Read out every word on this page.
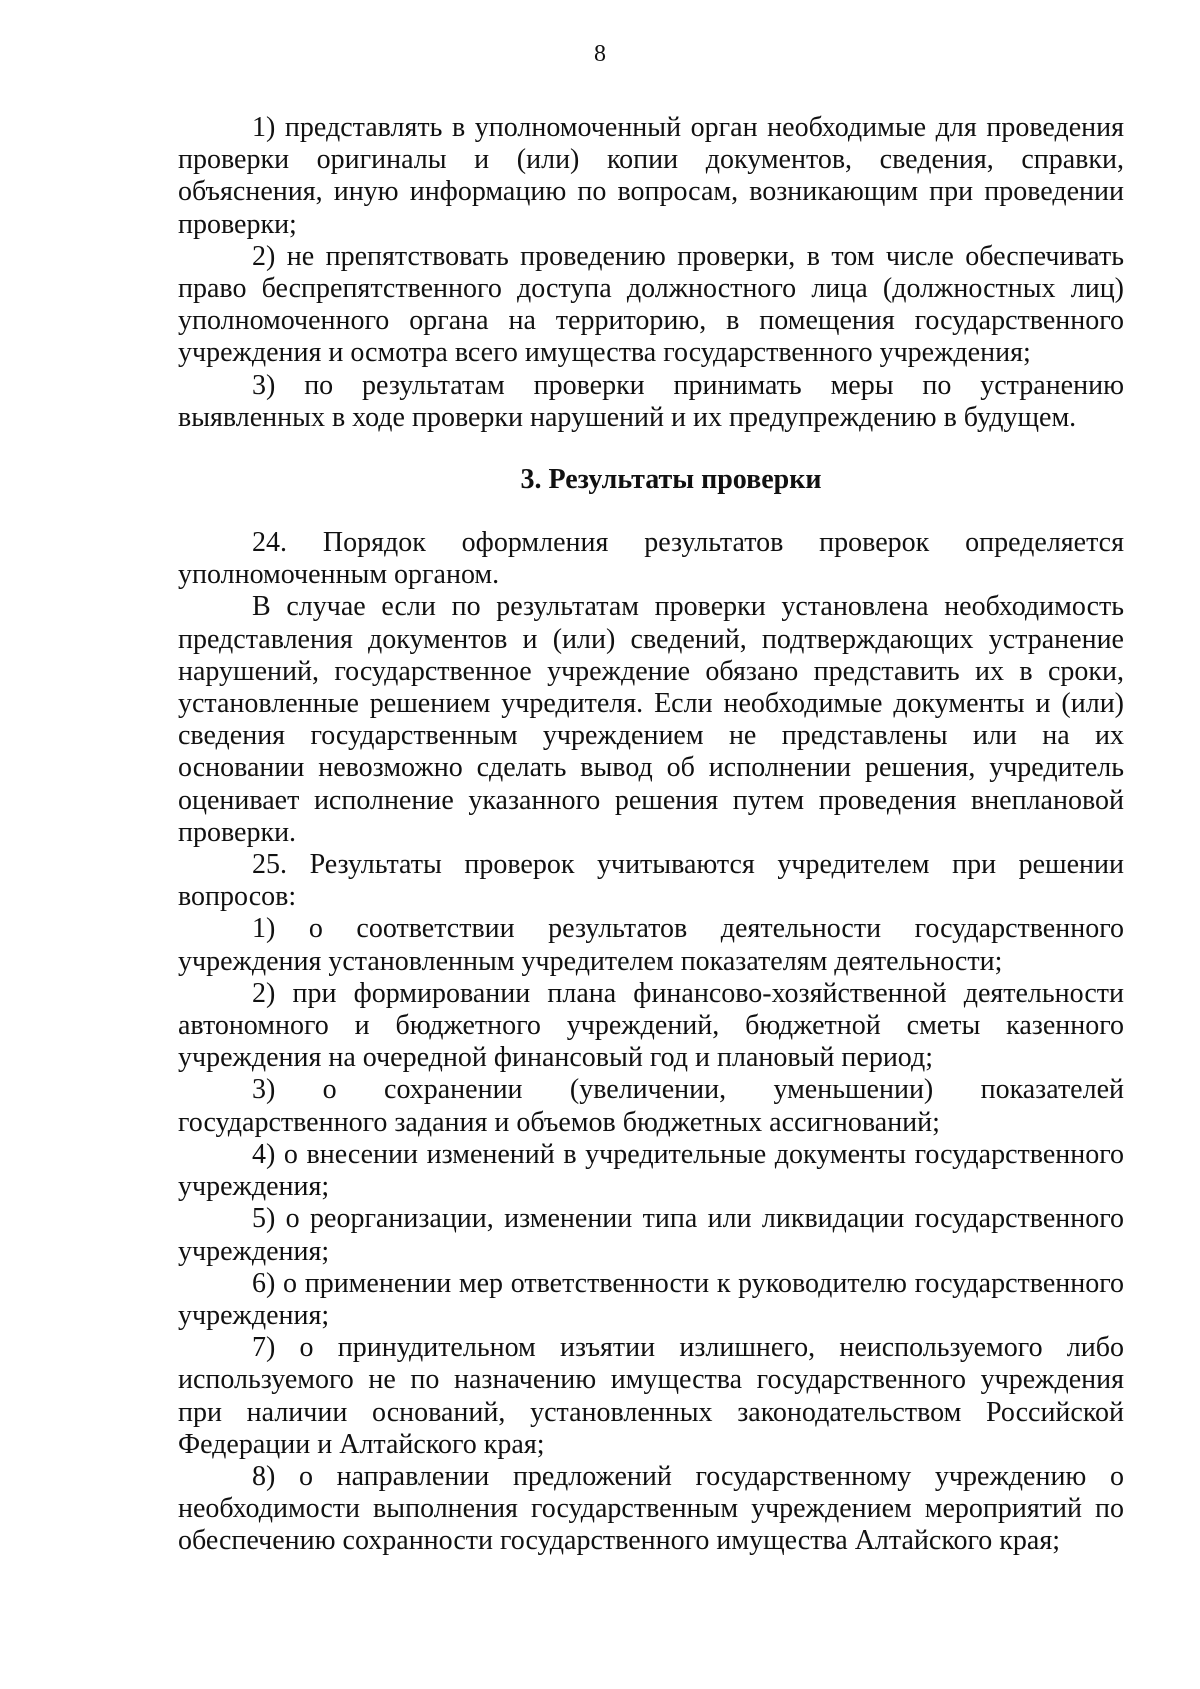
8

1) представлять в уполномоченный орган необходимые для проведения проверки оригиналы и (или) копии документов, сведения, справки, объяснения, иную информацию по вопросам, возникающим при проведении проверки;

2) не препятствовать проведению проверки, в том числе обеспечивать право беспрепятственного доступа должностного лица (должностных лиц) уполномоченного органа на территорию, в помещения государственного учреждения и осмотра всего имущества государственного учреждения;

3) по результатам проверки принимать меры по устранению выявленных в ходе проверки нарушений и их предупреждению в будущем.

3. Результаты проверки

24. Порядок оформления результатов проверок определяется уполномоченным органом.

В случае если по результатам проверки установлена необходимость представления документов и (или) сведений, подтверждающих устранение нарушений, государственное учреждение обязано представить их в сроки, установленные решением учредителя. Если необходимые документы и (или) сведения государственным учреждением не представлены или на их основании невозможно сделать вывод об исполнении решения, учредитель оценивает исполнение указанного решения путем проведения внеплановой проверки.

25. Результаты проверок учитываются учредителем при решении вопросов:

1) о соответствии результатов деятельности государственного учреждения установленным учредителем показателям деятельности;

2) при формировании плана финансово-хозяйственной деятельности автономного и бюджетного учреждений, бюджетной сметы казенного учреждения на очередной финансовый год и плановый период;

3) о сохранении (увеличении, уменьшении) показателей государственного задания и объемов бюджетных ассигнований;

4) о внесении изменений в учредительные документы государственного учреждения;

5) о реорганизации, изменении типа или ликвидации государственного учреждения;

6) о применении мер ответственности к руководителю государственного учреждения;

7) о принудительном изъятии излишнего, неиспользуемого либо используемого не по назначению имущества государственного учреждения при наличии оснований, установленных законодательством Российской Федерации и Алтайского края;

8) о направлении предложений государственному учреждению о необходимости выполнения государственным учреждением мероприятий по обеспечению сохранности государственного имущества Алтайского края;
